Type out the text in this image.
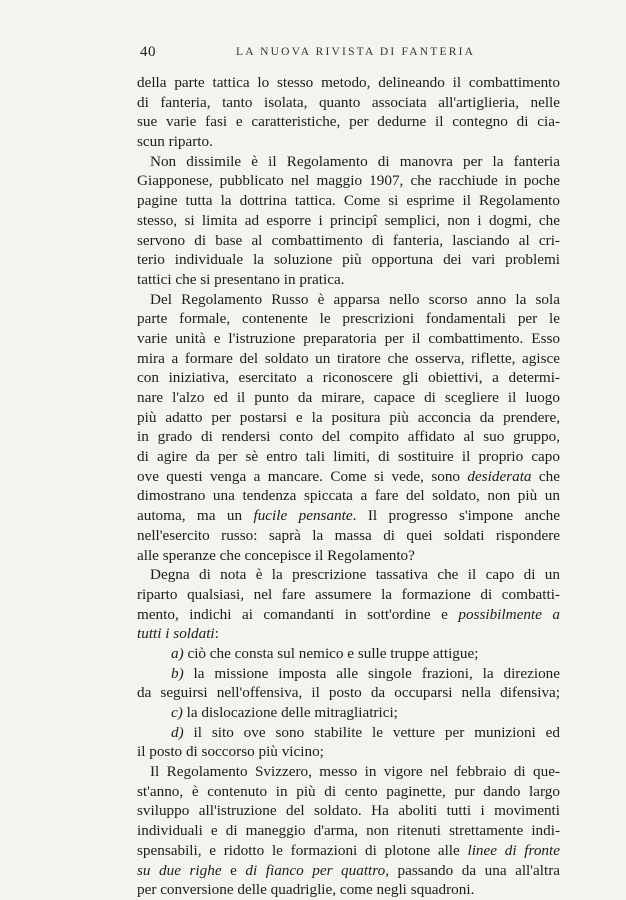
40	LA NUOVA RIVISTA DI FANTERIA
della parte tattica lo stesso metodo, delineando il combattimento
di fanteria, tanto isolata, quanto associata all'artiglieria, nelle
sue varie fasi e caratteristiche, per dedurne il contegno di cia-
scun riparto.
Non dissimile è il Regolamento di manovra per la fanteria
Giapponese, pubblicato nel maggio 1907, che racchiude in poche
pagine tutta la dottrina tattica. Come si esprime il Regolamento
stesso, si limita ad esporre i principî semplici, non i dogmi, che
servono di base al combattimento di fanteria, lasciando al cri-
terio individuale la soluzione più opportuna dei vari problemi
tattici che si presentano in pratica.
Del Regolamento Russo è apparsa nello scorso anno la sola
parte formale, contenente le prescrizioni fondamentali per le
varie unità e l'istruzione preparatoria per il combattimento. Esso
mira a formare del soldato un tiratore che osserva, riflette, agisce
con iniziativa, esercitato a riconoscere gli obiettivi, a determi-
nare l'alzo ed il punto da mirare, capace di scegliere il luogo
più adatto per postarsi e la positura più acconcia da prendere,
in grado di rendersi conto del compito affidato al suo gruppo,
di agire da per sè entro tali limiti, di sostituire il proprio capo
ove questi venga a mancare. Come si vede, sono desiderata che
dimostrano una tendenza spiccata a fare del soldato, non più un
automa, ma un fucile pensante. Il progresso s'impone anche
nell'esercito russo: saprà la massa di quei soldati rispondere
alle speranze che concepisce il Regolamento?
Degna di nota è la prescrizione tassativa che il capo di un
riparto qualsiasi, nel fare assumere la formazione di combatti-
mento, indichi ai comandanti in sott'ordine e possibilmente a
tutti i soldati:
a) ciò che consta sul nemico e sulle truppe attigue;
b) la missione imposta alle singole frazioni, la direzione
da seguirsi nell'offensiva, il posto da occuparsi nella difensiva;
c) la dislocazione delle mitragliatrici;
d) il sito ove sono stabilite le vetture per munizioni ed
il posto di soccorso più vicino;
Il Regolamento Svizzero, messo in vigore nel febbraio di que-
st'anno, è contenuto in più di cento paginette, pur dando largo
sviluppo all'istruzione del soldato. Ha aboliti tutti i movimenti
individuali e di maneggio d'arma, non ritenuti strettamente indi-
spensabili, e ridotto le formazioni di plotone alle linee di fronte
su due righe e di fianco per quattro, passando da una all'altra
per conversione delle quadriglie, come negli squadroni.
